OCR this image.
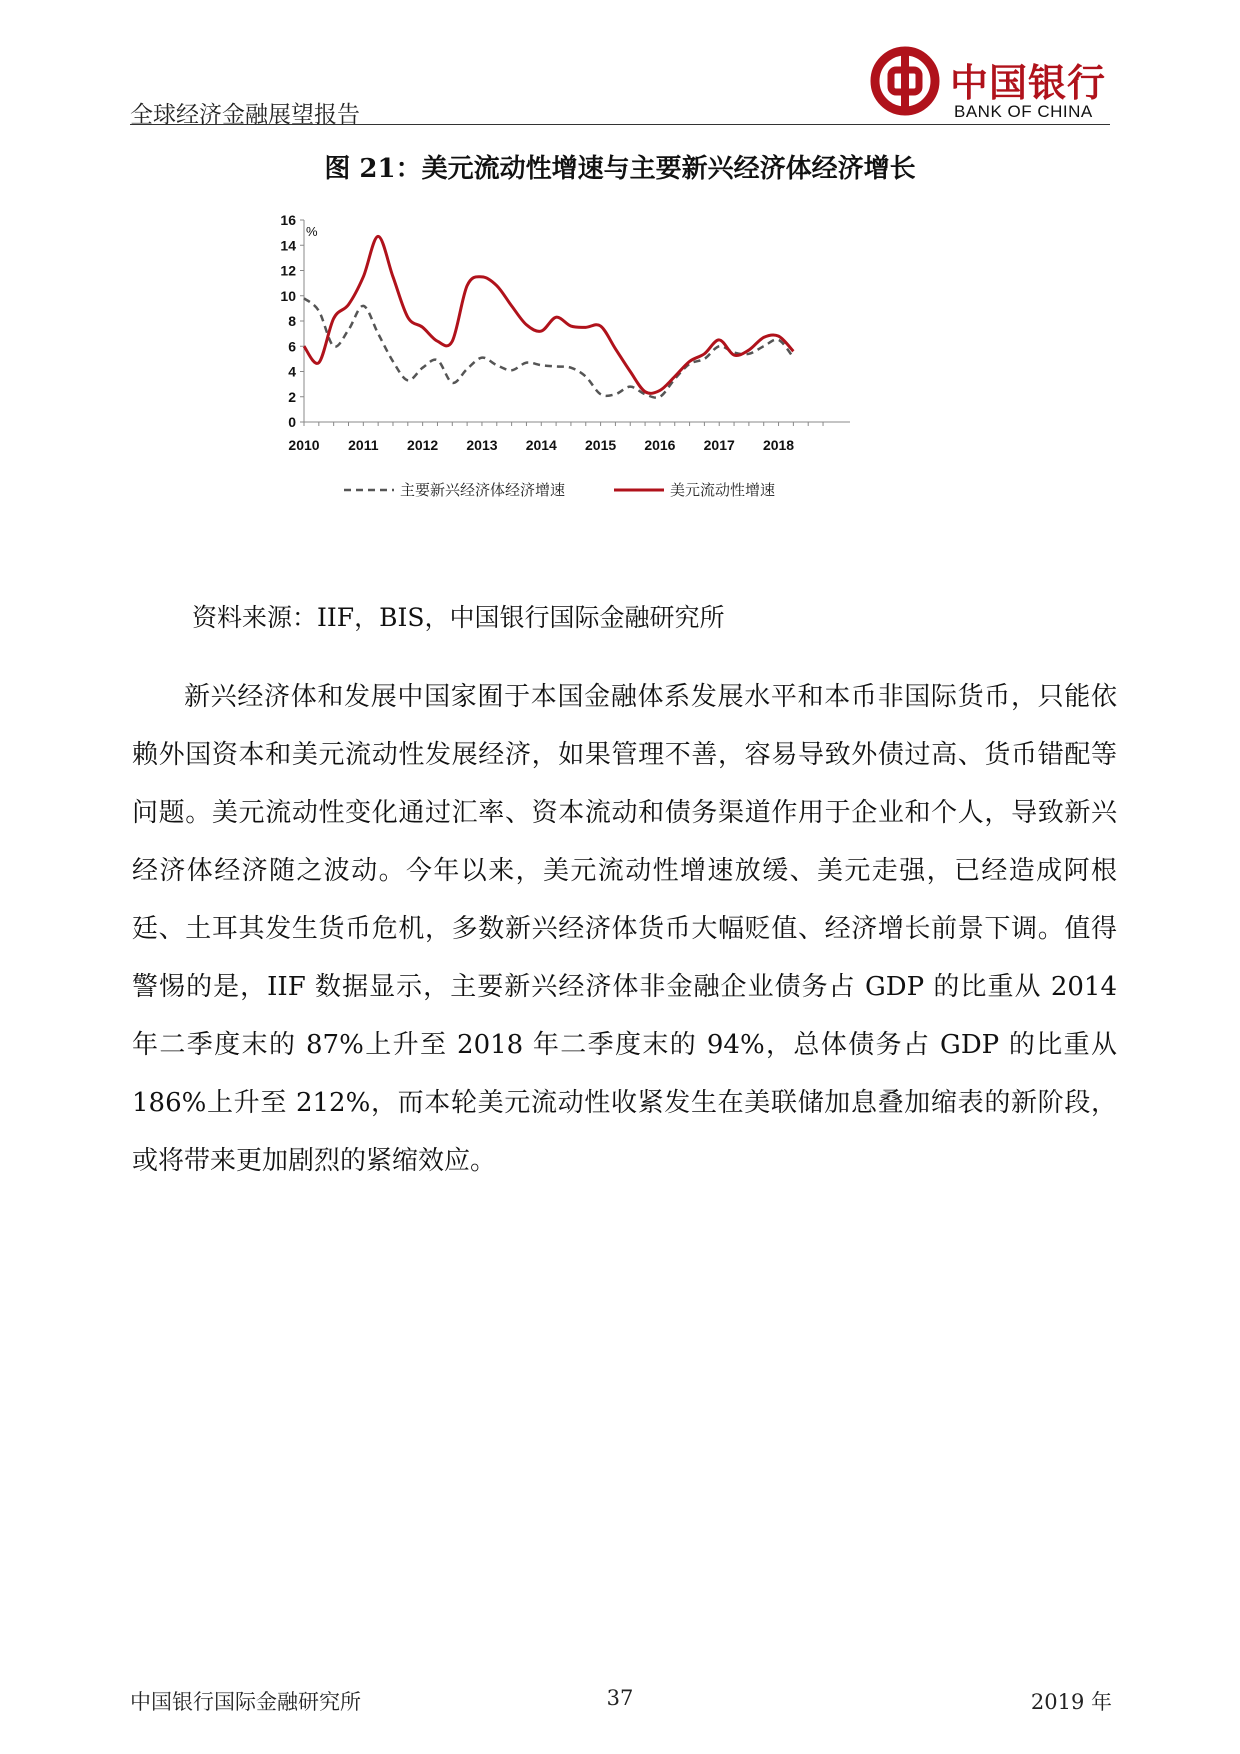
全球经济金融展望报告
中国银行
BANK OF CHINA
图 21：美元流动性增速与主要新兴经济体经济增长
0
2
4
6
8
10
12
14
16
%
2010 2011 2012 2013 2014 2015 2016 2017 2018
主要新兴经济体经济增速	美元流动性增速
资料来源：IIF，BIS，中国银行国际金融研究所

新兴经济体和发展中国家囿于本国金融体系发展水平和本币非国际货币，只能依赖外国资本和美元流动性发展经济，如果管理不善，容易导致外债过高、货币错配等问题。美元流动性变化通过汇率、资本流动和债务渠道作用于企业和个人，导致新兴经济体经济随之波动。今年以来，美元流动性增速放缓、美元走强，已经造成阿根廷、土耳其发生货币危机，多数新兴经济体货币大幅贬值、经济增长前景下调。值得警惕的是，IIF 数据显示，主要新兴经济体非金融企业债务占 GDP 的比重从 2014 年二季度末的 87%上升至 2018 年二季度末的 94%，总体债务占 GDP 的比重从 186%上升至 212%，而本轮美元流动性收紧发生在美联储加息叠加缩表的新阶段，或将带来更加剧烈的紧缩效应。

中国银行国际金融研究所	37	2019 年
